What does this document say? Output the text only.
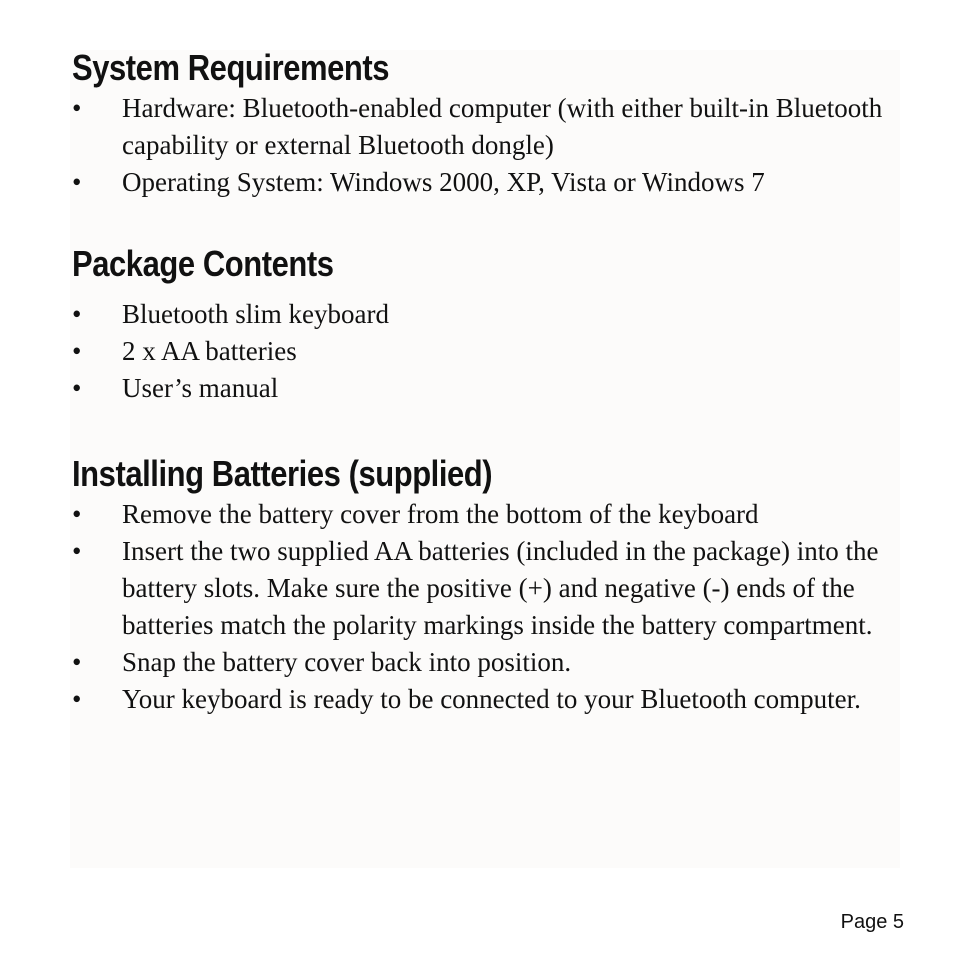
System Requirements
•	Hardware: Bluetooth-enabled computer (with either built-in Bluetooth capability or external Bluetooth dongle)
•	Operating System: Windows 2000, XP, Vista or Windows 7
Package Contents
•	Bluetooth slim keyboard
•	2 x AA batteries
•	User’s manual
Installing Batteries (supplied)
•	Remove the battery cover from the bottom of the keyboard
•	Insert the two supplied AA batteries (included in the package) into the battery slots. Make sure the positive (+) and negative (-) ends of the batteries match the polarity markings inside the battery compartment.
•	Snap the battery cover back into position.
•	Your keyboard is ready to be connected to your Bluetooth computer.
Page 5
